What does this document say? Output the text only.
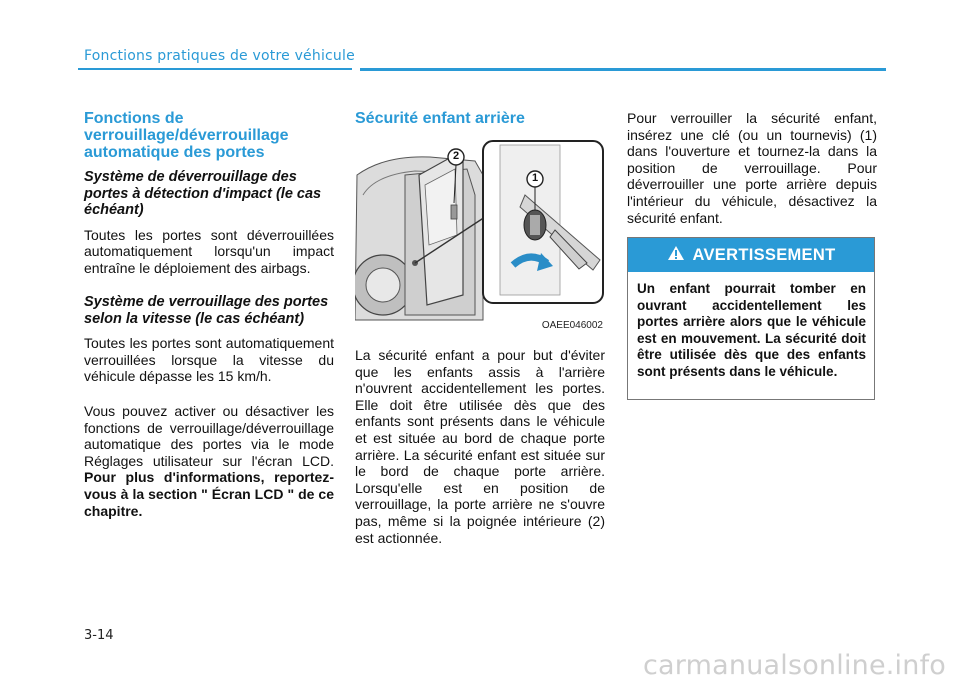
Fonctions pratiques de votre véhicule
Fonctions de verrouillage/déverrouillage automatique des portes
Système de déverrouillage des portes à détection d'impact (le cas échéant)

Toutes les portes sont déverrouillées automatiquement lorsqu'un impact entraîne le déploiement des airbags.

Système de verrouillage des portes selon la vitesse (le cas échéant)

Toutes les portes sont automatiquement verrouillées lorsque la vitesse du véhicule dépasse les 15 km/h.

Vous pouvez activer ou désactiver les fonctions de verrouillage/déverrouillage automatique des portes via le mode Réglages utilisateur sur l'écran LCD. Pour plus d'informations, reportez-vous à la section " Écran LCD " de ce chapitre.

Sécurité enfant arrière
1
2
OAEE046002

La sécurité enfant a pour but d'éviter que les enfants assis à l'arrière n'ouvrent accidentellement les portes. Elle doit être utilisée dès que des enfants sont présents dans le véhicule et est située au bord de chaque porte arrière. La sécurité enfant est située sur le bord de chaque porte arrière. Lorsqu'elle est en position de verrouillage, la porte arrière ne s'ouvre pas, même si la poignée intérieure (2) est actionnée.

Pour verrouiller la sécurité enfant, insérez une clé (ou un tournevis) (1) dans l'ouverture et tournez-la dans la position de verrouillage. Pour déverrouiller une porte arrière depuis l'intérieur du véhicule, désactivez la sécurité enfant.

AVERTISSEMENT
Un enfant pourrait tomber en ouvrant accidentellement les portes arrière alors que le véhicule est en mouvement. La sécurité doit être utilisée dès que des enfants sont présents dans le véhicule.
3-14
carmanualsonline.info
